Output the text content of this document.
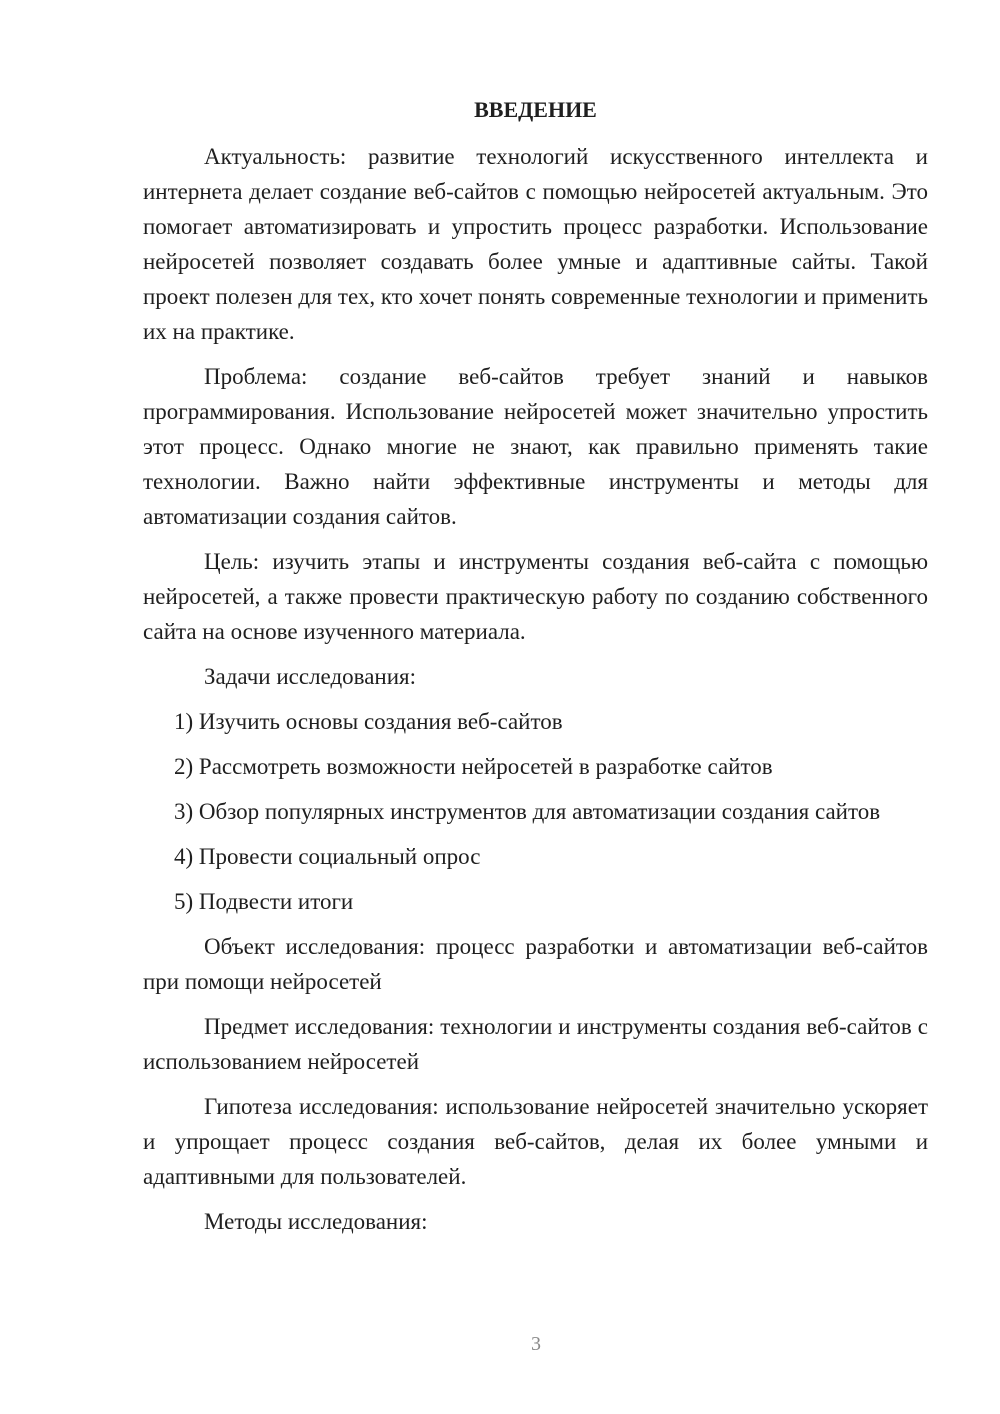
ВВЕДЕНИЕ

Актуальность: развитие технологий искусственного интеллекта и интернета делает создание веб-сайтов с помощью нейросетей актуальным. Это помогает автоматизировать и упростить процесс разработки. Использование нейросетей позволяет создавать более умные и адаптивные сайты. Такой проект полезен для тех, кто хочет понять современные технологии и применить их на практике.

Проблема: создание веб-сайтов требует знаний и навыков программирования. Использование нейросетей может значительно упростить этот процесс. Однако многие не знают, как правильно применять такие технологии. Важно найти эффективные инструменты и методы для автоматизации создания сайтов.

Цель: изучить этапы и инструменты создания веб-сайта с помощью нейросетей, а также провести практическую работу по созданию собственного сайта на основе изученного материала.

Задачи исследования:

1) Изучить основы создания веб-сайтов
2) Рассмотреть возможности нейросетей в разработке сайтов
3) Обзор популярных инструментов для автоматизации создания сайтов
4) Провести социальный опрос
5) Подвести итоги

Объект исследования: процесс разработки и автоматизации веб-сайтов при помощи нейросетей

Предмет исследования: технологии и инструменты создания веб-сайтов с использованием нейросетей

Гипотеза исследования: использование нейросетей значительно ускоряет и упрощает процесс создания веб-сайтов, делая их более умными и адаптивными для пользователей.

Методы исследования:

3
